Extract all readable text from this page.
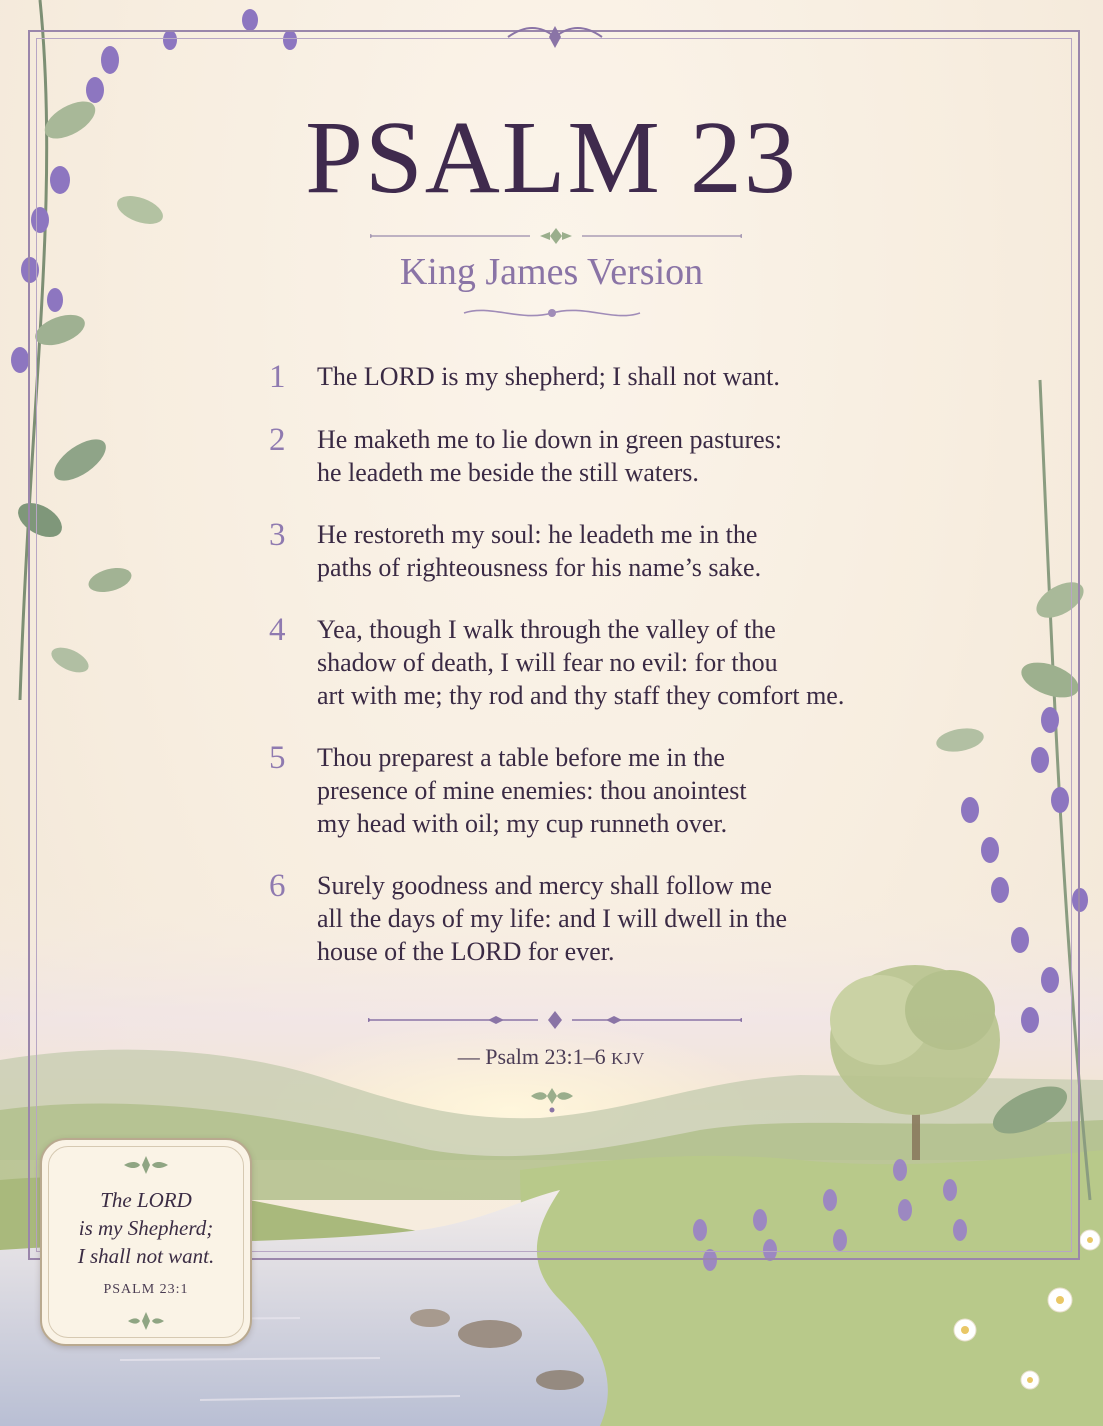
PSALM 23
King James Version
1	The LORD is my shepherd; I shall not want.
2	He maketh me to lie down in green pastures:
he leadeth me beside the still waters.
3	He restoreth my soul: he leadeth me in the
paths of righteousness for his name’s sake.
4	Yea, though I walk through the valley of the
shadow of death, I will fear no evil: for thou
art with me; thy rod and thy staff they comfort me.
5	Thou preparest a table before me in the
presence of mine enemies: thou anointest
my head with oil; my cup runneth over.
6	Surely goodness and mercy shall follow me
all the days of my life: and I will dwell in the
house of the LORD for ever.
— Psalm 23:1–6 KJV
The LORD
is my Shepherd;
I shall not want.
PSALM 23:1
